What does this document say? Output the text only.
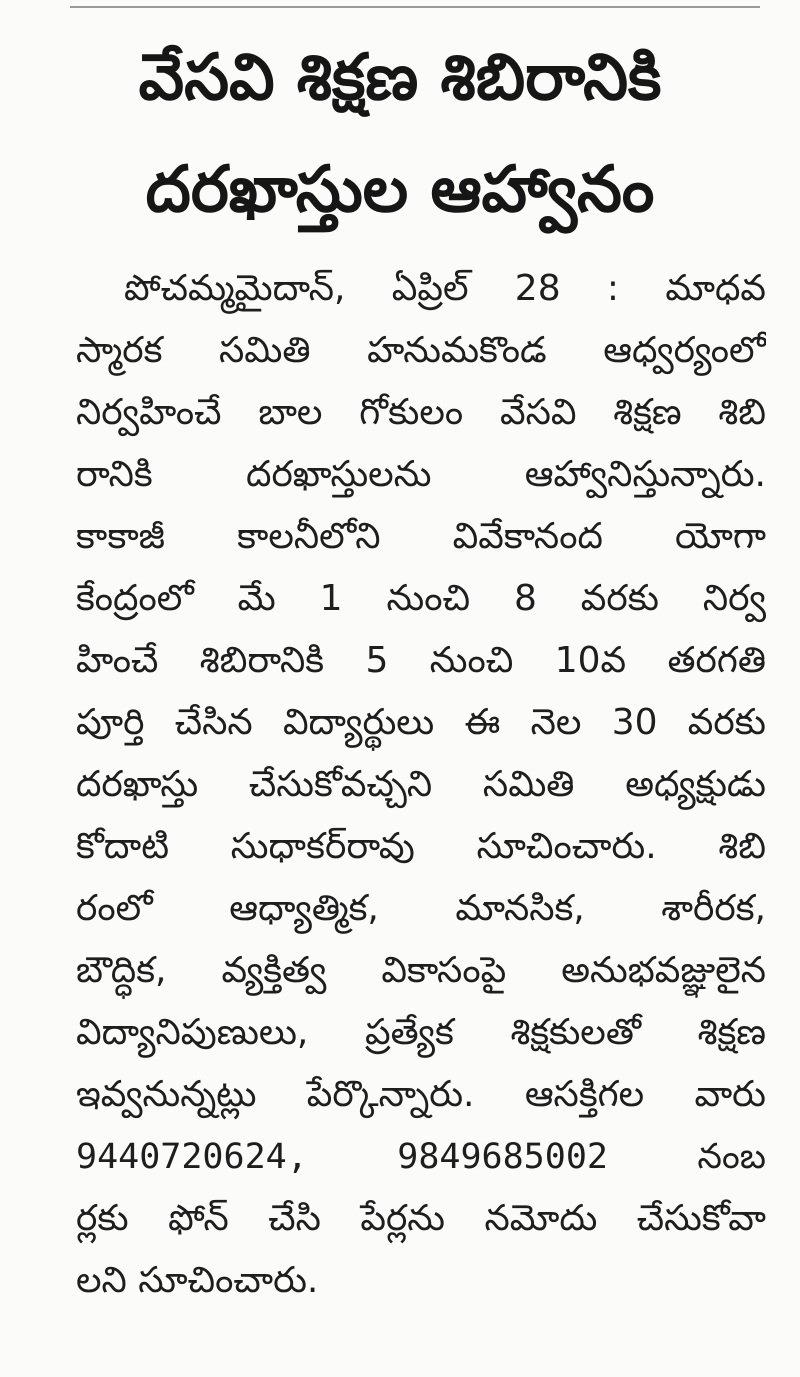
వేసవి శిక్షణ శిబిరానికి
దరఖాస్తుల ఆహ్వానం
పోచమ్మమైదాన్, ఏప్రిల్ 28 : మాధవ
స్మారక సమితి హనుమకొండ ఆధ్వర్యంలో
నిర్వహించే బాల గోకులం వేసవి శిక్షణ శిబి
రానికి దరఖాస్తులను ఆహ్వానిస్తున్నారు.
కాకాజీ కాలనీలోని వివేకానంద యోగా
కేంద్రంలో మే 1 నుంచి 8 వరకు నిర్వ
హించే శిబిరానికి 5 నుంచి 10వ తరగతి
పూర్తి చేసిన విద్యార్థులు ఈ నెల 30 వరకు
దరఖాస్తు చేసుకోవచ్చని సమితి అధ్యక్షుడు
కోదాటి సుధాకర్‌రావు సూచించారు. శిబి
రంలో ఆధ్యాత్మిక, మానసిక, శారీరక,
బౌద్ధిక, వ్యక్తిత్వ వికాసంపై అనుభవజ్ఞులైన
విద్యానిపుణులు, ప్రత్యేక శిక్షకులతో శిక్షణ
ఇవ్వనున్నట్లు పేర్కొన్నారు. ఆసక్తిగల వారు
9440720624, 9849685002 నంబ
ర్లకు ఫోన్ చేసి పేర్లను నమోదు చేసుకోవా
లని సూచించారు.
